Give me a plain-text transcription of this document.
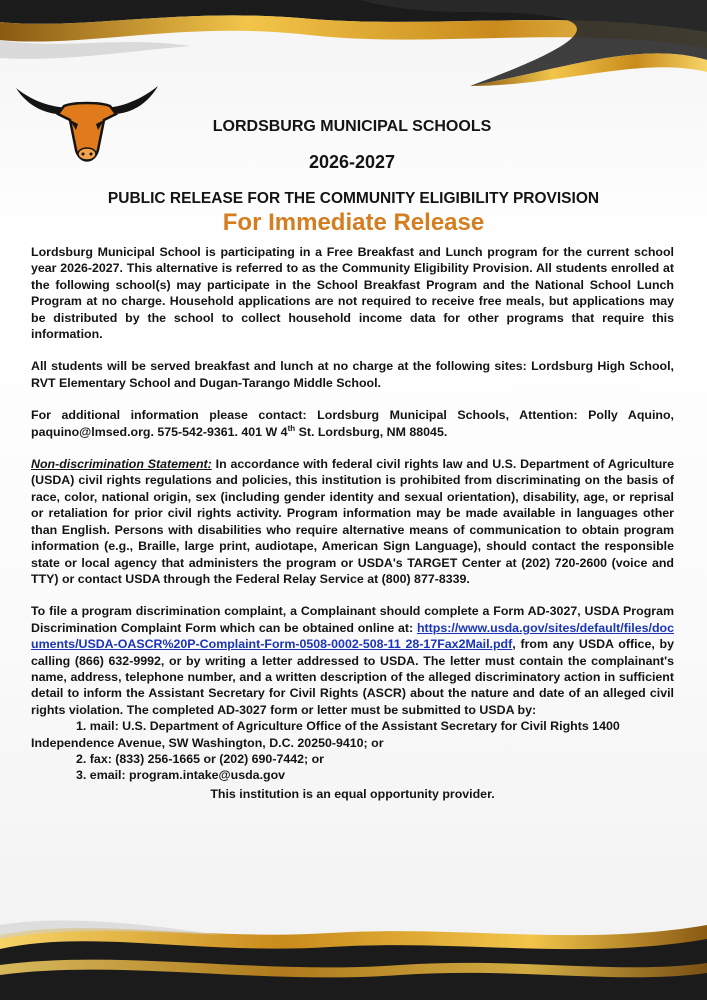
LORDSBURG MUNICIPAL SCHOOLS
2026-2027
PUBLIC RELEASE FOR THE COMMUNITY ELIGIBILITY PROVISION
For Immediate Release

Lordsburg Municipal School is participating in a Free Breakfast and Lunch program for the current school year 2026-2027. This alternative is referred to as the Community Eligibility Provision. All students enrolled at the following school(s) may participate in the School Breakfast Program and the National School Lunch Program at no charge. Household applications are not required to receive free meals, but applications may be distributed by the school to collect household income data for other programs that require this information.

All students will be served breakfast and lunch at no charge at the following sites: Lordsburg High School, RVT Elementary School and Dugan-Tarango Middle School.

For additional information please contact: Lordsburg Municipal Schools, Attention: Polly Aquino, paquino@lmsed.org. 575-542-9361. 401 W 4th St. Lordsburg, NM 88045.

Non-discrimination Statement: In accordance with federal civil rights law and U.S. Department of Agriculture (USDA) civil rights regulations and policies, this institution is prohibited from discriminating on the basis of race, color, national origin, sex (including gender identity and sexual orientation), disability, age, or reprisal or retaliation for prior civil rights activity. Program information may be made available in languages other than English. Persons with disabilities who require alternative means of communication to obtain program information (e.g., Braille, large print, audiotape, American Sign Language), should contact the responsible state or local agency that administers the program or USDA's TARGET Center at (202) 720-2600 (voice and TTY) or contact USDA through the Federal Relay Service at (800) 877-8339.

To file a program discrimination complaint, a Complainant should complete a Form AD-3027, USDA Program Discrimination Complaint Form which can be obtained online at: https://www.usda.gov/sites/default/files/documents/USDA-OASCR%20P-Complaint-Form-0508-0002-508-11 28-17Fax2Mail.pdf, from any USDA office, by calling (866) 632-9992, or by writing a letter addressed to USDA. The letter must contain the complainant's name, address, telephone number, and a written description of the alleged discriminatory action in sufficient detail to inform the Assistant Secretary for Civil Rights (ASCR) about the nature and date of an alleged civil rights violation. The completed AD-3027 form or letter must be submitted to USDA by:

1. mail: U.S. Department of Agriculture Office of the Assistant Secretary for Civil Rights 1400 Independence Avenue, SW Washington, D.C. 20250-9410; or
2. fax: (833) 256-1665 or (202) 690-7442; or
3. email: program.intake@usda.gov
This institution is an equal opportunity provider.
